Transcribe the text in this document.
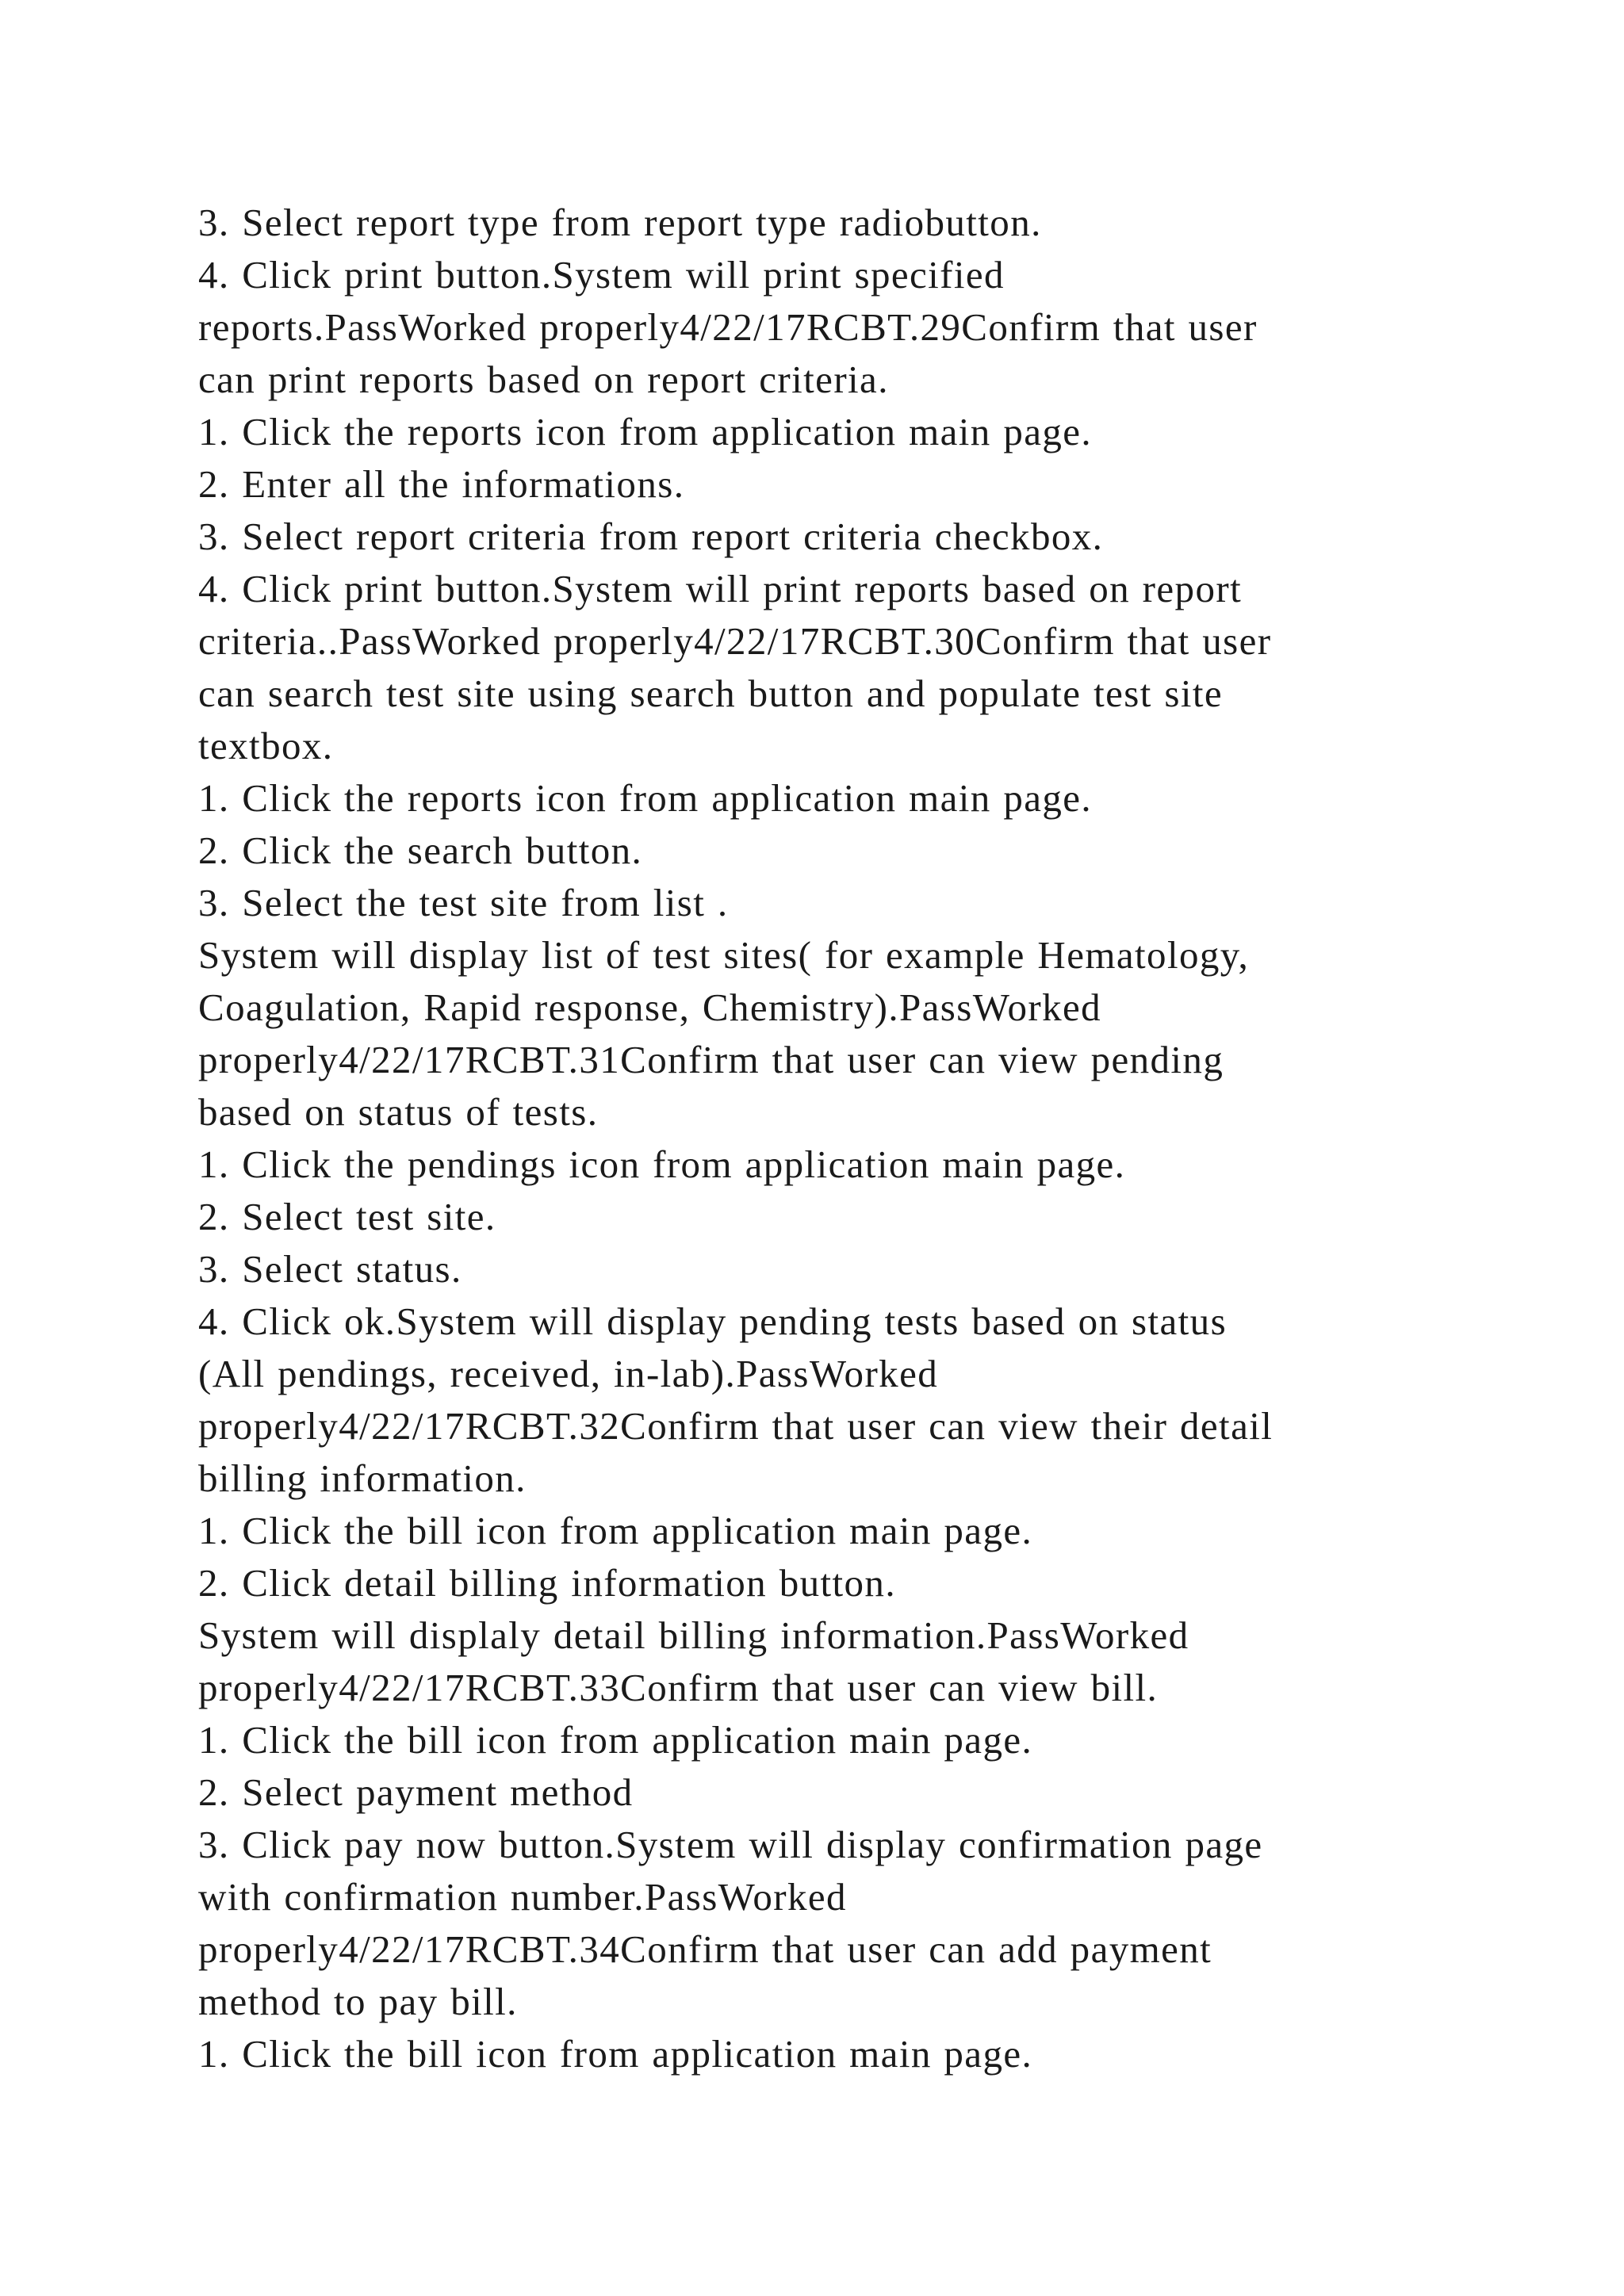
3. Select report type from report type radiobutton.
4. Click print button.System will print specified
reports.PassWorked properly4/22/17RCBT.29Confirm that user
can print reports based on report criteria.
1. Click the reports icon from application main page.
2. Enter all the informations.
3. Select report criteria from report criteria checkbox.
4. Click print button.System will print reports based on report
criteria..PassWorked properly4/22/17RCBT.30Confirm that user
can search test site using search button and populate test site
textbox.
1. Click the reports icon from application main page.
2. Click the search button.
3. Select the test site from list .
System will display list of test sites( for example Hematology,
Coagulation, Rapid response, Chemistry).PassWorked
properly4/22/17RCBT.31Confirm that user can view pending
based on status of tests.
1. Click the pendings icon from application main page.
2. Select test site.
3. Select status.
4. Click ok.System will display pending tests based on status
(All pendings, received, in-lab).PassWorked
properly4/22/17RCBT.32Confirm that user can view their detail
billing information.
1. Click the bill icon from application main page.
2. Click detail billing information button.
System will displaly detail billing information.PassWorked
properly4/22/17RCBT.33Confirm that user can view bill.
1. Click the bill icon from application main page.
2. Select payment method
3. Click pay now button.System will display confirmation page
with confirmation number.PassWorked
properly4/22/17RCBT.34Confirm that user can add payment
method to pay bill.
1. Click the bill icon from application main page.
